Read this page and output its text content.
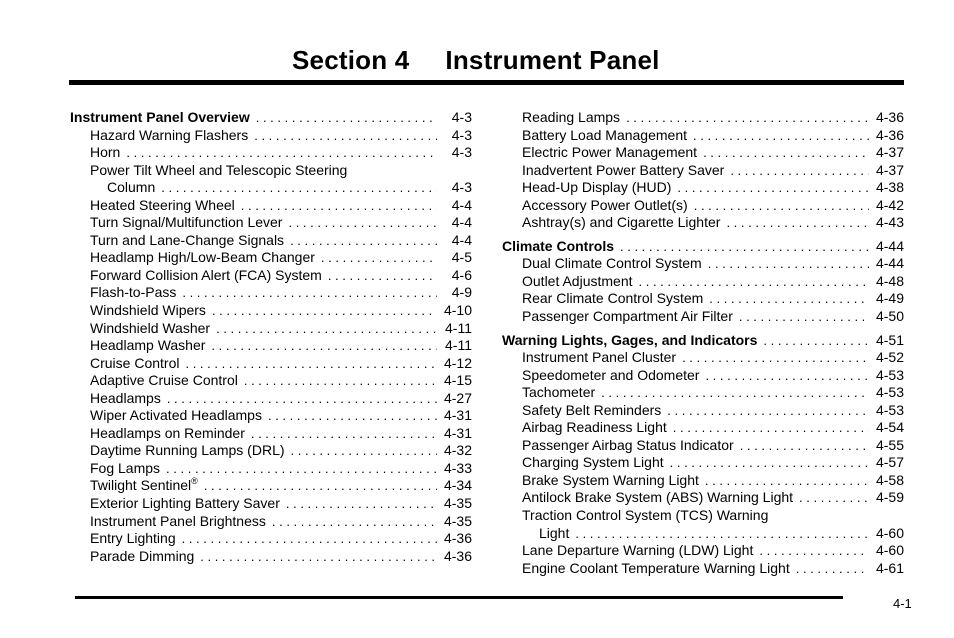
Section 4 Instrument Panel
Instrument Panel Overview . . .	4-3
Hazard Warning Flashers . . .	4-3
Horn . . .	4-3
Power Tilt Wheel and Telescopic Steering
Column . . .	4-3
Heated Steering Wheel . . .	4-4
Turn Signal/Multifunction Lever . . .	4-4
Turn and Lane-Change Signals . . .	4-4
Headlamp High/Low-Beam Changer . . .	4-5
Forward Collision Alert (FCA) System . . .	4-6
Flash-to-Pass . . .	4-9
Windshield Wipers . . .	4-10
Windshield Washer . . .	4-11
Headlamp Washer . . .	4-11
Cruise Control . . .	4-12
Adaptive Cruise Control . . .	4-15
Headlamps . . .	4-27
Wiper Activated Headlamps . . .	4-31
Headlamps on Reminder . . .	4-31
Daytime Running Lamps (DRL) . . .	4-32
Fog Lamps . . .	4-33
Twilight Sentinel® . . .	4-34
Exterior Lighting Battery Saver . . .	4-35
Instrument Panel Brightness . . .	4-35
Entry Lighting . . .	4-36
Parade Dimming . . .	4-36
Reading Lamps . . .	4-36
Battery Load Management . . .	4-36
Electric Power Management . . .	4-37
Inadvertent Power Battery Saver . . .	4-37
Head-Up Display (HUD) . . .	4-38
Accessory Power Outlet(s) . . .	4-42
Ashtray(s) and Cigarette Lighter . . .	4-43
Climate Controls . . .	4-44
Dual Climate Control System . . .	4-44
Outlet Adjustment . . .	4-48
Rear Climate Control System . . .	4-49
Passenger Compartment Air Filter . . .	4-50
Warning Lights, Gages, and Indicators . . .	4-51
Instrument Panel Cluster . . .	4-52
Speedometer and Odometer . . .	4-53
Tachometer . . .	4-53
Safety Belt Reminders . . .	4-53
Airbag Readiness Light . . .	4-54
Passenger Airbag Status Indicator . . .	4-55
Charging System Light . . .	4-57
Brake System Warning Light . . .	4-58
Antilock Brake System (ABS) Warning Light . . .	4-59
Traction Control System (TCS) Warning
Light . . .	4-60
Lane Departure Warning (LDW) Light . . .	4-60
Engine Coolant Temperature Warning Light . . .	4-61
4-1
